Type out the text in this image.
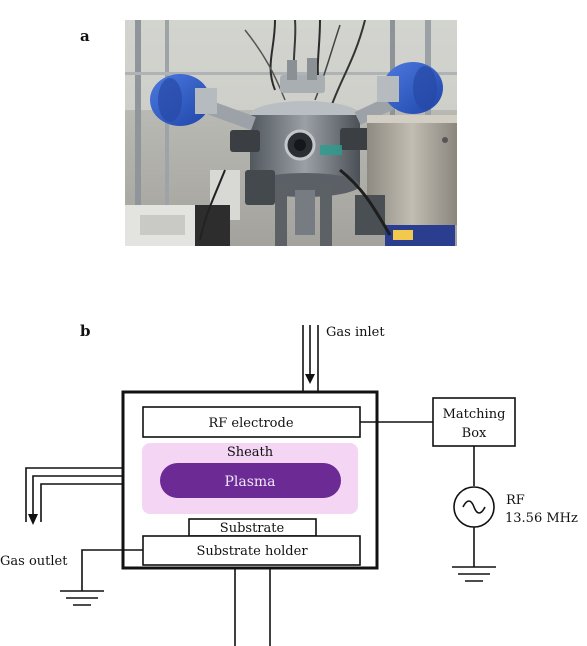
a
b	Gas inlet
RF electrode
Sheath
Plasma
Gas outlet
Substrate
Substrate holder
Matching
Box
RF
13.56 MHz
